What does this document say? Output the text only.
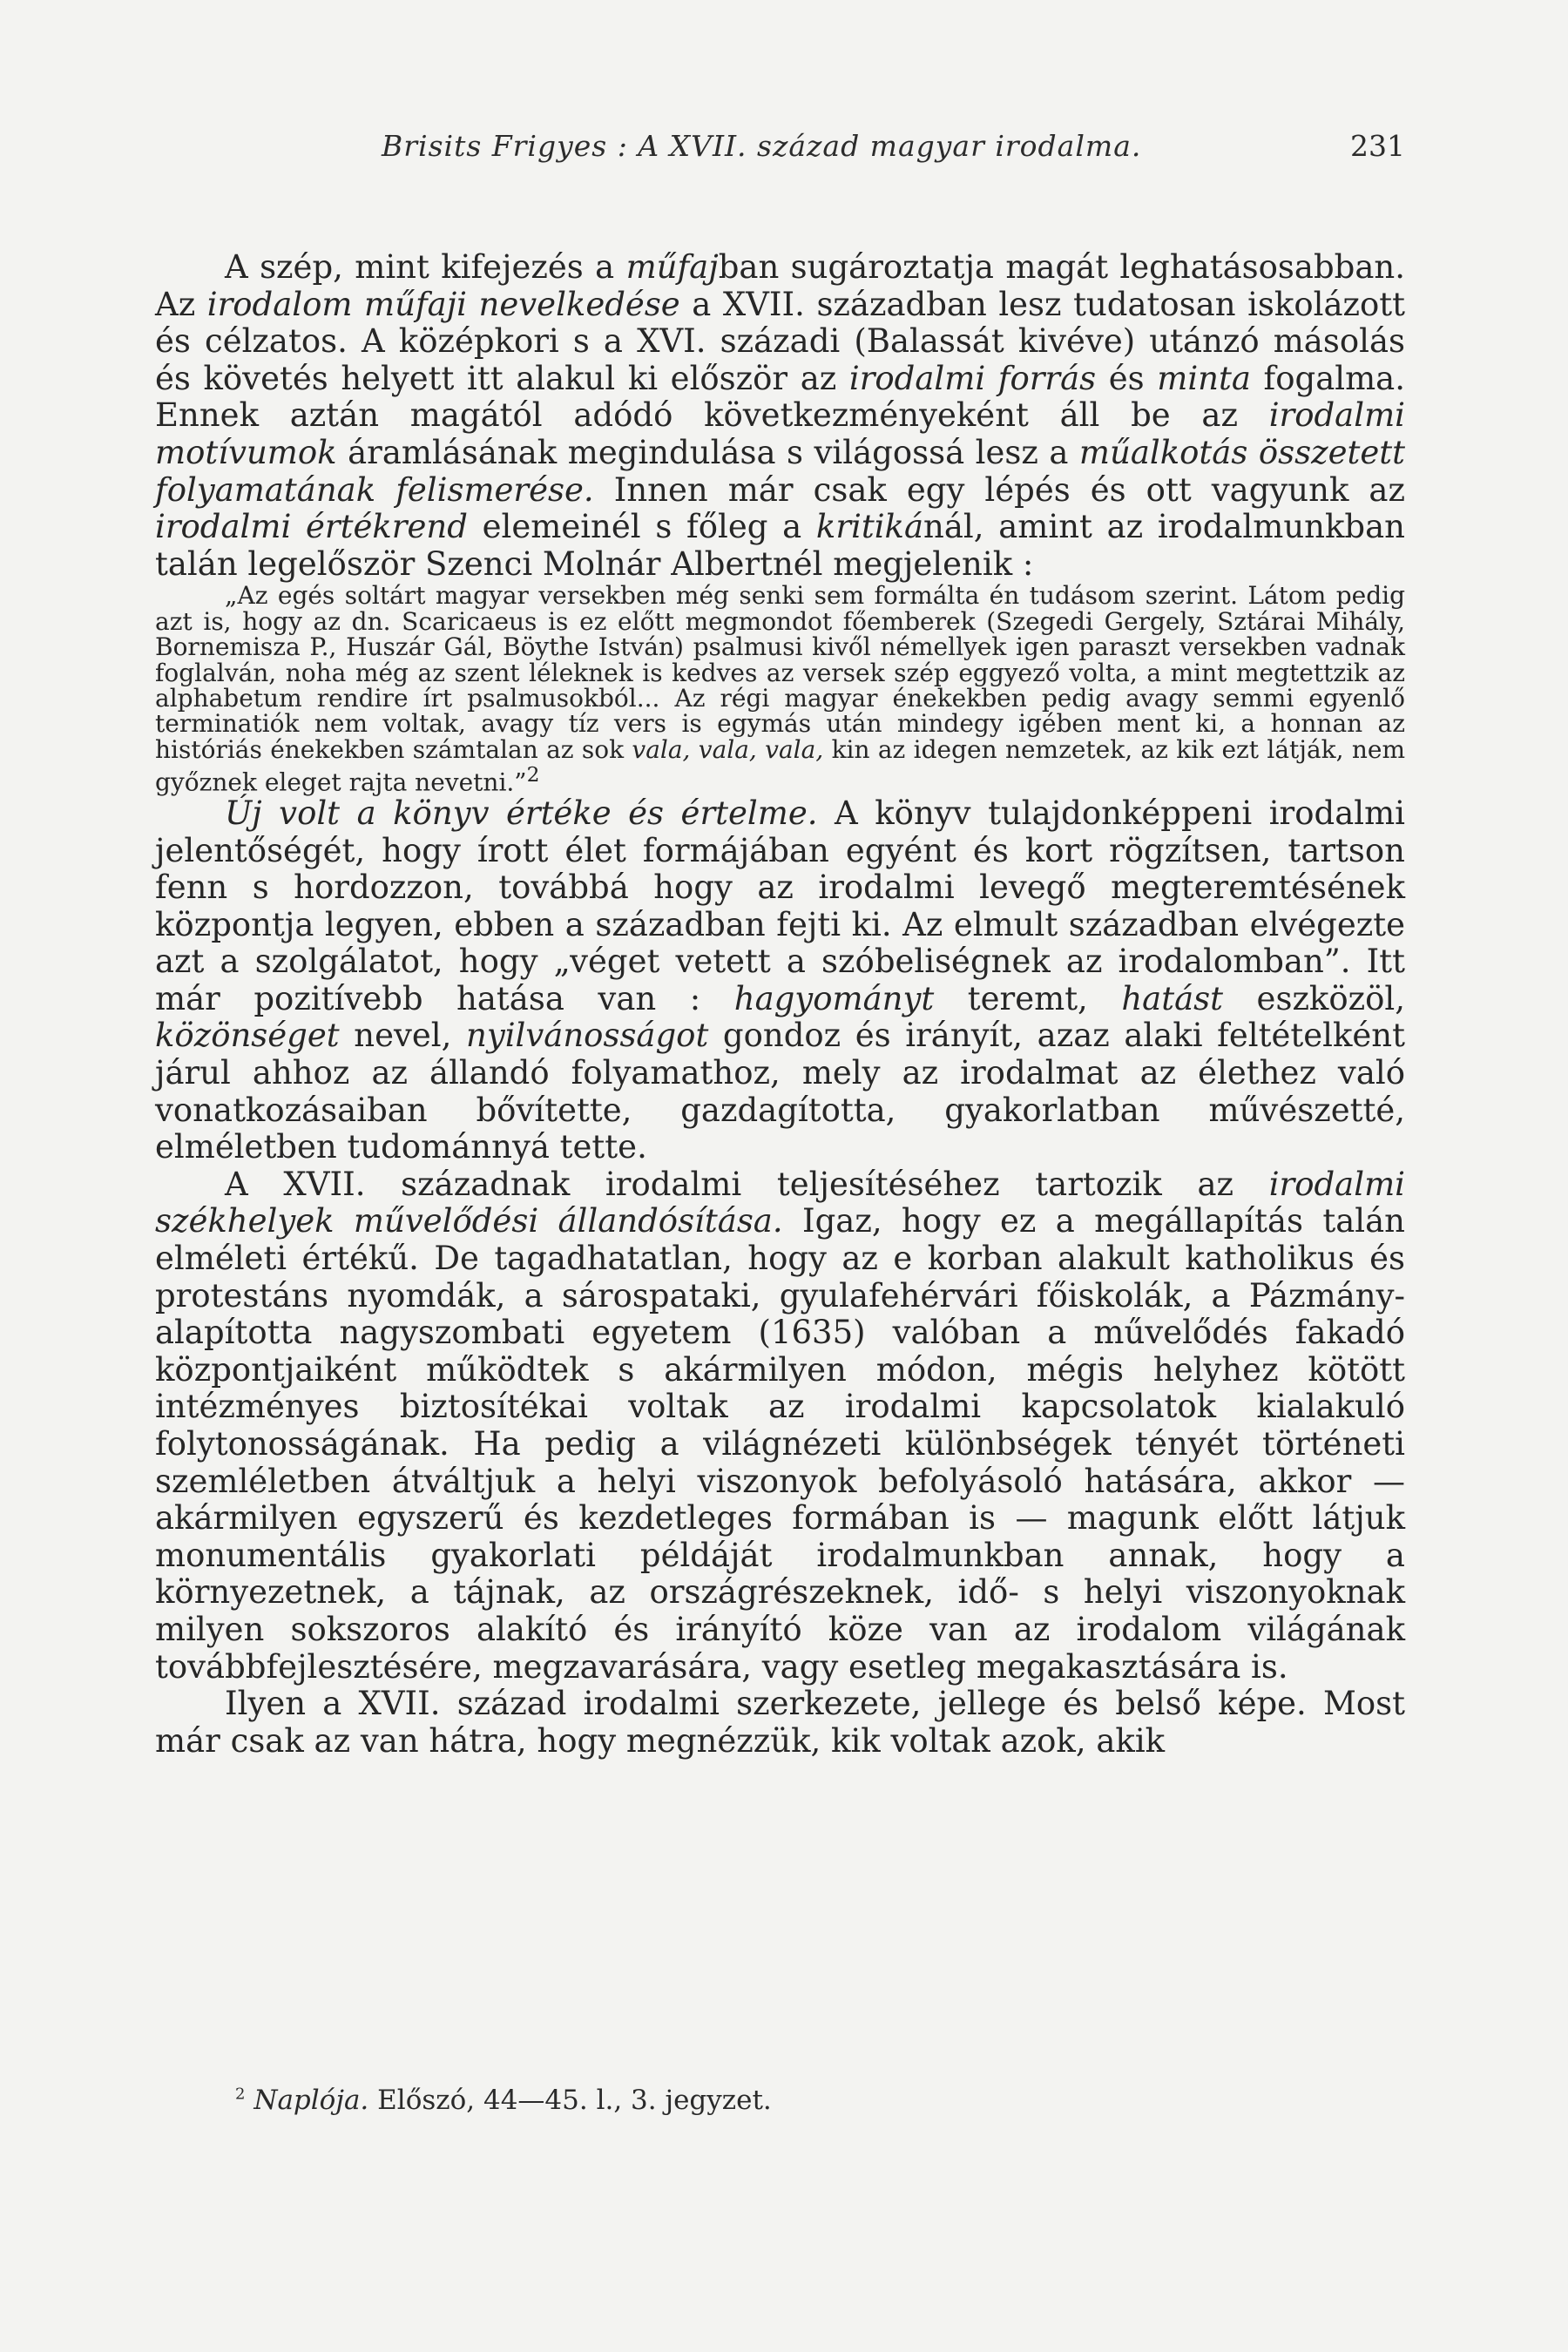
Brisits Frigyes : A XVII. század magyar irodalma.	231

A szép, mint kifejezés a műfajban sugároztatja magát leghatásosabban. Az irodalom műfaji nevelkedése a XVII. században lesz tudatosan iskolázott és célzatos. A középkori s a XVI. századi (Balassát kivéve) utánzó másolás és követés helyett itt alakul ki először az irodalmi forrás és minta fogalma. Ennek aztán magától adódó következményeként áll be az irodalmi motívumok áramlásának megindulása s világossá lesz a műalkotás összetett folyamatának felismerése. Innen már csak egy lépés és ott vagyunk az irodalmi értékrend elemeinél s főleg a kritikánál, amint az irodalmunkban talán legelőször Szenci Molnár Albertnél megjelenik :

„Az egés soltárt magyar versekben még senki sem formálta én tudásom szerint. Látom pedig azt is, hogy az dn. Scaricaeus is ez előtt megmondot főemberek (Szegedi Gergely, Sztárai Mihály, Bornemisza P., Huszár Gál, Böythe István) psalmusi kivől némellyek igen paraszt versekben vadnak foglalván, noha még az szent léleknek is kedves az versek szép eggyező volta, a mint megtettzik az alphabetum rendire írt psalmusokból... Az régi magyar énekekben pedig avagy semmi egyenlő terminatiók nem voltak, avagy tíz vers is egymás után mindegy igében ment ki, a honnan az históriás énekekben számtalan az sok vala, vala, vala, kin az idegen nemzetek, az kik ezt látják, nem győznek eleget rajta nevetni.”$^2$

Új volt a könyv értéke és értelme. A könyv tulajdonképpeni irodalmi jelentőségét, hogy írott élet formájában egyént és kort rögzítsen, tartson fenn s hordozzon, továbbá hogy az irodalmi levegő megteremtésének központja legyen, ebben a században fejti ki. Az elmult században elvégezte azt a szolgálatot, hogy „véget vetett a szóbeliségnek az irodalomban”. Itt már pozitívebb hatása van : hagyományt teremt, hatást eszközöl, közönséget nevel, nyilvánosságot gondoz és irányít, azaz alaki feltételként járul ahhoz az állandó folyamathoz, mely az irodalmat az élethez való vonatkozásaiban bővítette, gazdagította, gyakorlatban művészetté, elméletben tudománnyá tette.

A XVII. századnak irodalmi teljesítéséhez tartozik az irodalmi székhelyek művelődési állandósítása. Igaz, hogy ez a megállapítás talán elméleti értékű. De tagadhatatlan, hogy az e korban alakult katholikus és protestáns nyomdák, a sárospataki, gyulafehérvári főiskolák, a Pázmány-alapította nagyszombati egyetem (1635) valóban a művelődés fakadó központjaiként működtek s akármilyen módon, mégis helyhez kötött intézményes biztosítékai voltak az irodalmi kapcsolatok kialakuló folytonosságának. Ha pedig a világnézeti különbségek tényét történeti szemléletben átváltjuk a helyi viszonyok befolyásoló hatására, akkor — akármilyen egyszerű és kezdetleges formában is — magunk előtt látjuk monumentális gyakorlati példáját irodalmunkban annak, hogy a környezetnek, a tájnak, az országrészeknek, idő- s helyi viszonyoknak milyen sokszoros alakító és irányító köze van az irodalom világának továbbfejlesztésére, megzavarására, vagy esetleg megakasztására is.

Ilyen a XVII. század irodalmi szerkezete, jellege és belső képe. Most már csak az van hátra, hogy megnézzük, kik voltak azok, akik

$^2$ Naplója. Előszó, 44—45. l., 3. jegyzet.
